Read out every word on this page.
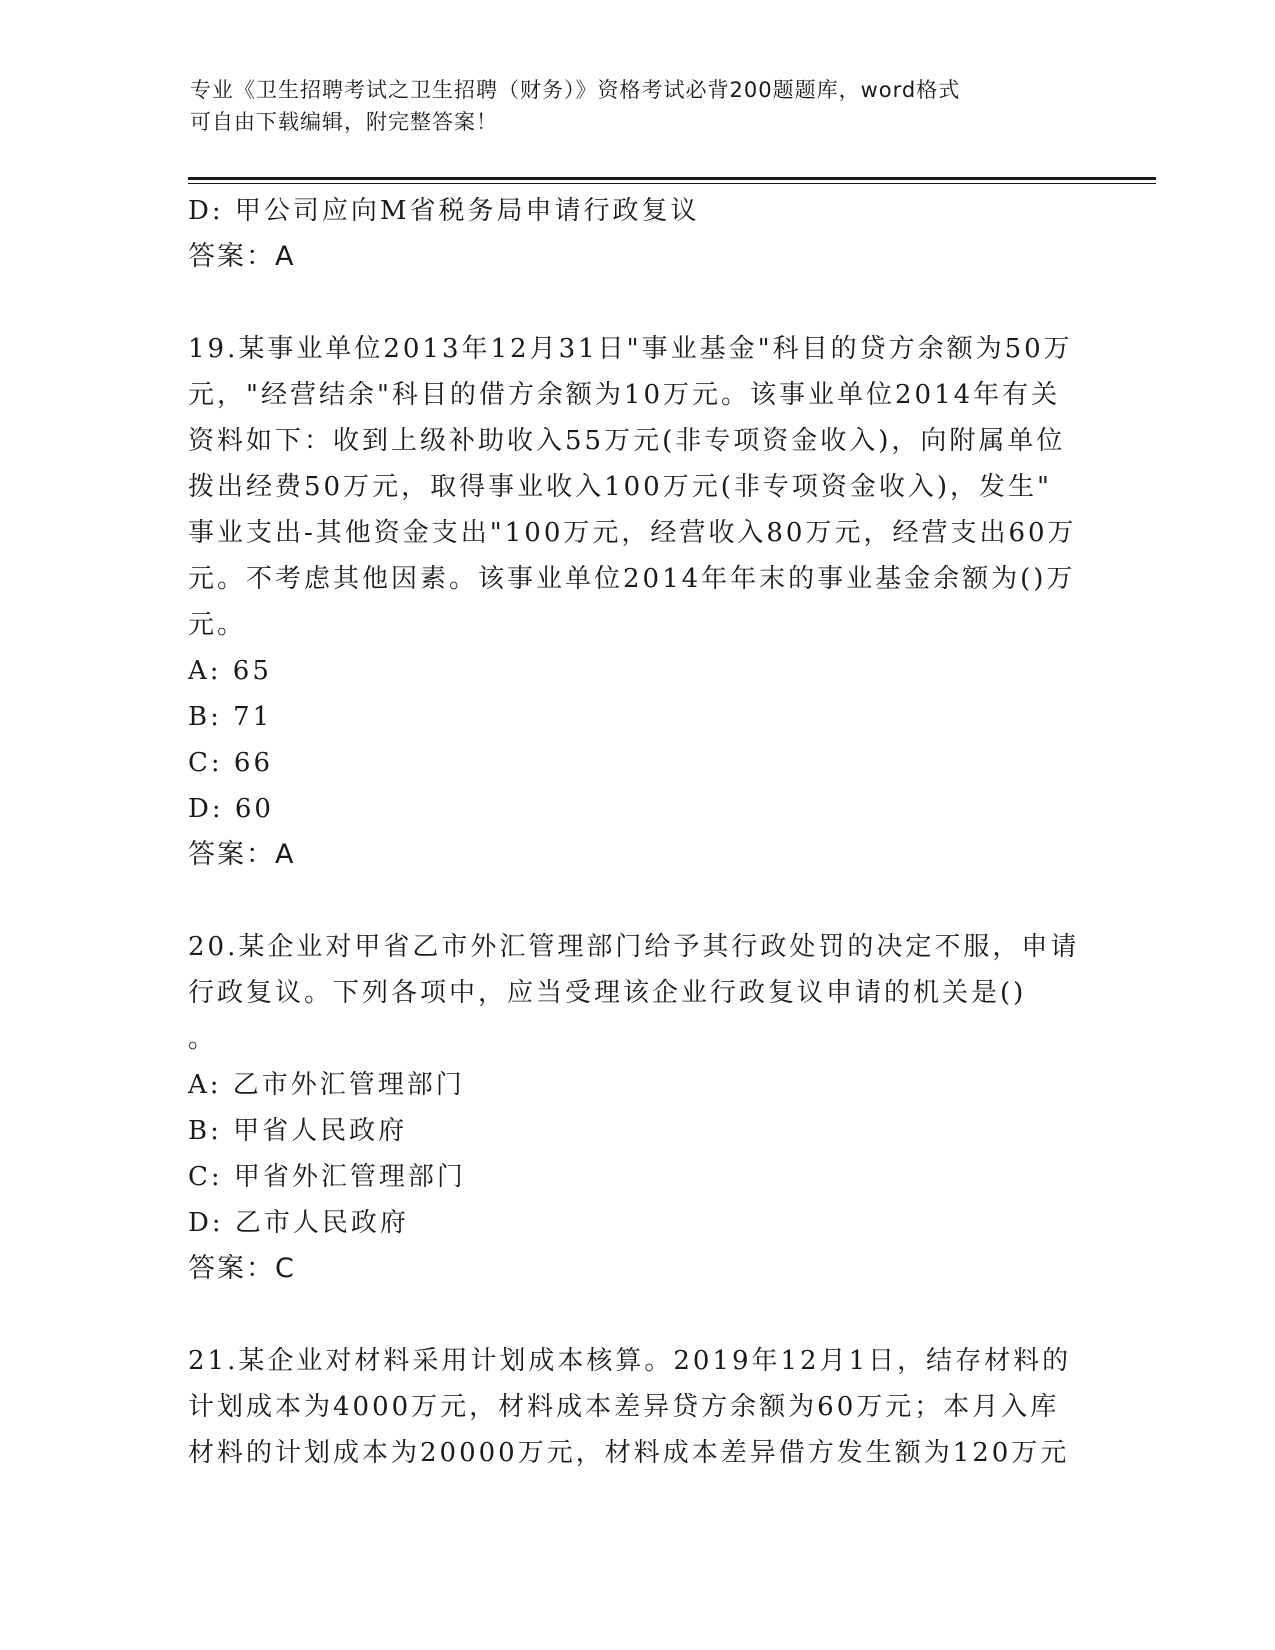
专业《卫生招聘考试之卫生招聘（财务）》资格考试必背200题题库，word格式
可自由下载编辑，附完整答案！
D: 甲公司应向M省税务局申请行政复议
答案：A
19.某事业单位2013年12月31日"事业基金"科目的贷方余额为50万
元，"经营结余"科目的借方余额为10万元。该事业单位2014年有关
资料如下：收到上级补助收入55万元(非专项资金收入)，向附属单位
拨出经费50万元，取得事业收入100万元(非专项资金收入)，发生"
事业支出-其他资金支出"100万元，经营收入80万元，经营支出60万
元。不考虑其他因素。该事业单位2014年年末的事业基金余额为()万
元。
A: 65
B: 71
C: 66
D: 60
答案：A
20.某企业对甲省乙市外汇管理部门给予其行政处罚的决定不服，申请
行政复议。下列各项中，应当受理该企业行政复议申请的机关是()
。
A: 乙市外汇管理部门
B: 甲省人民政府
C: 甲省外汇管理部门
D: 乙市人民政府
答案：C
21.某企业对材料采用计划成本核算。2019年12月1日，结存材料的
计划成本为4000万元，材料成本差异贷方余额为60万元；本月入库
材料的计划成本为20000万元，材料成本差异借方发生额为120万元
